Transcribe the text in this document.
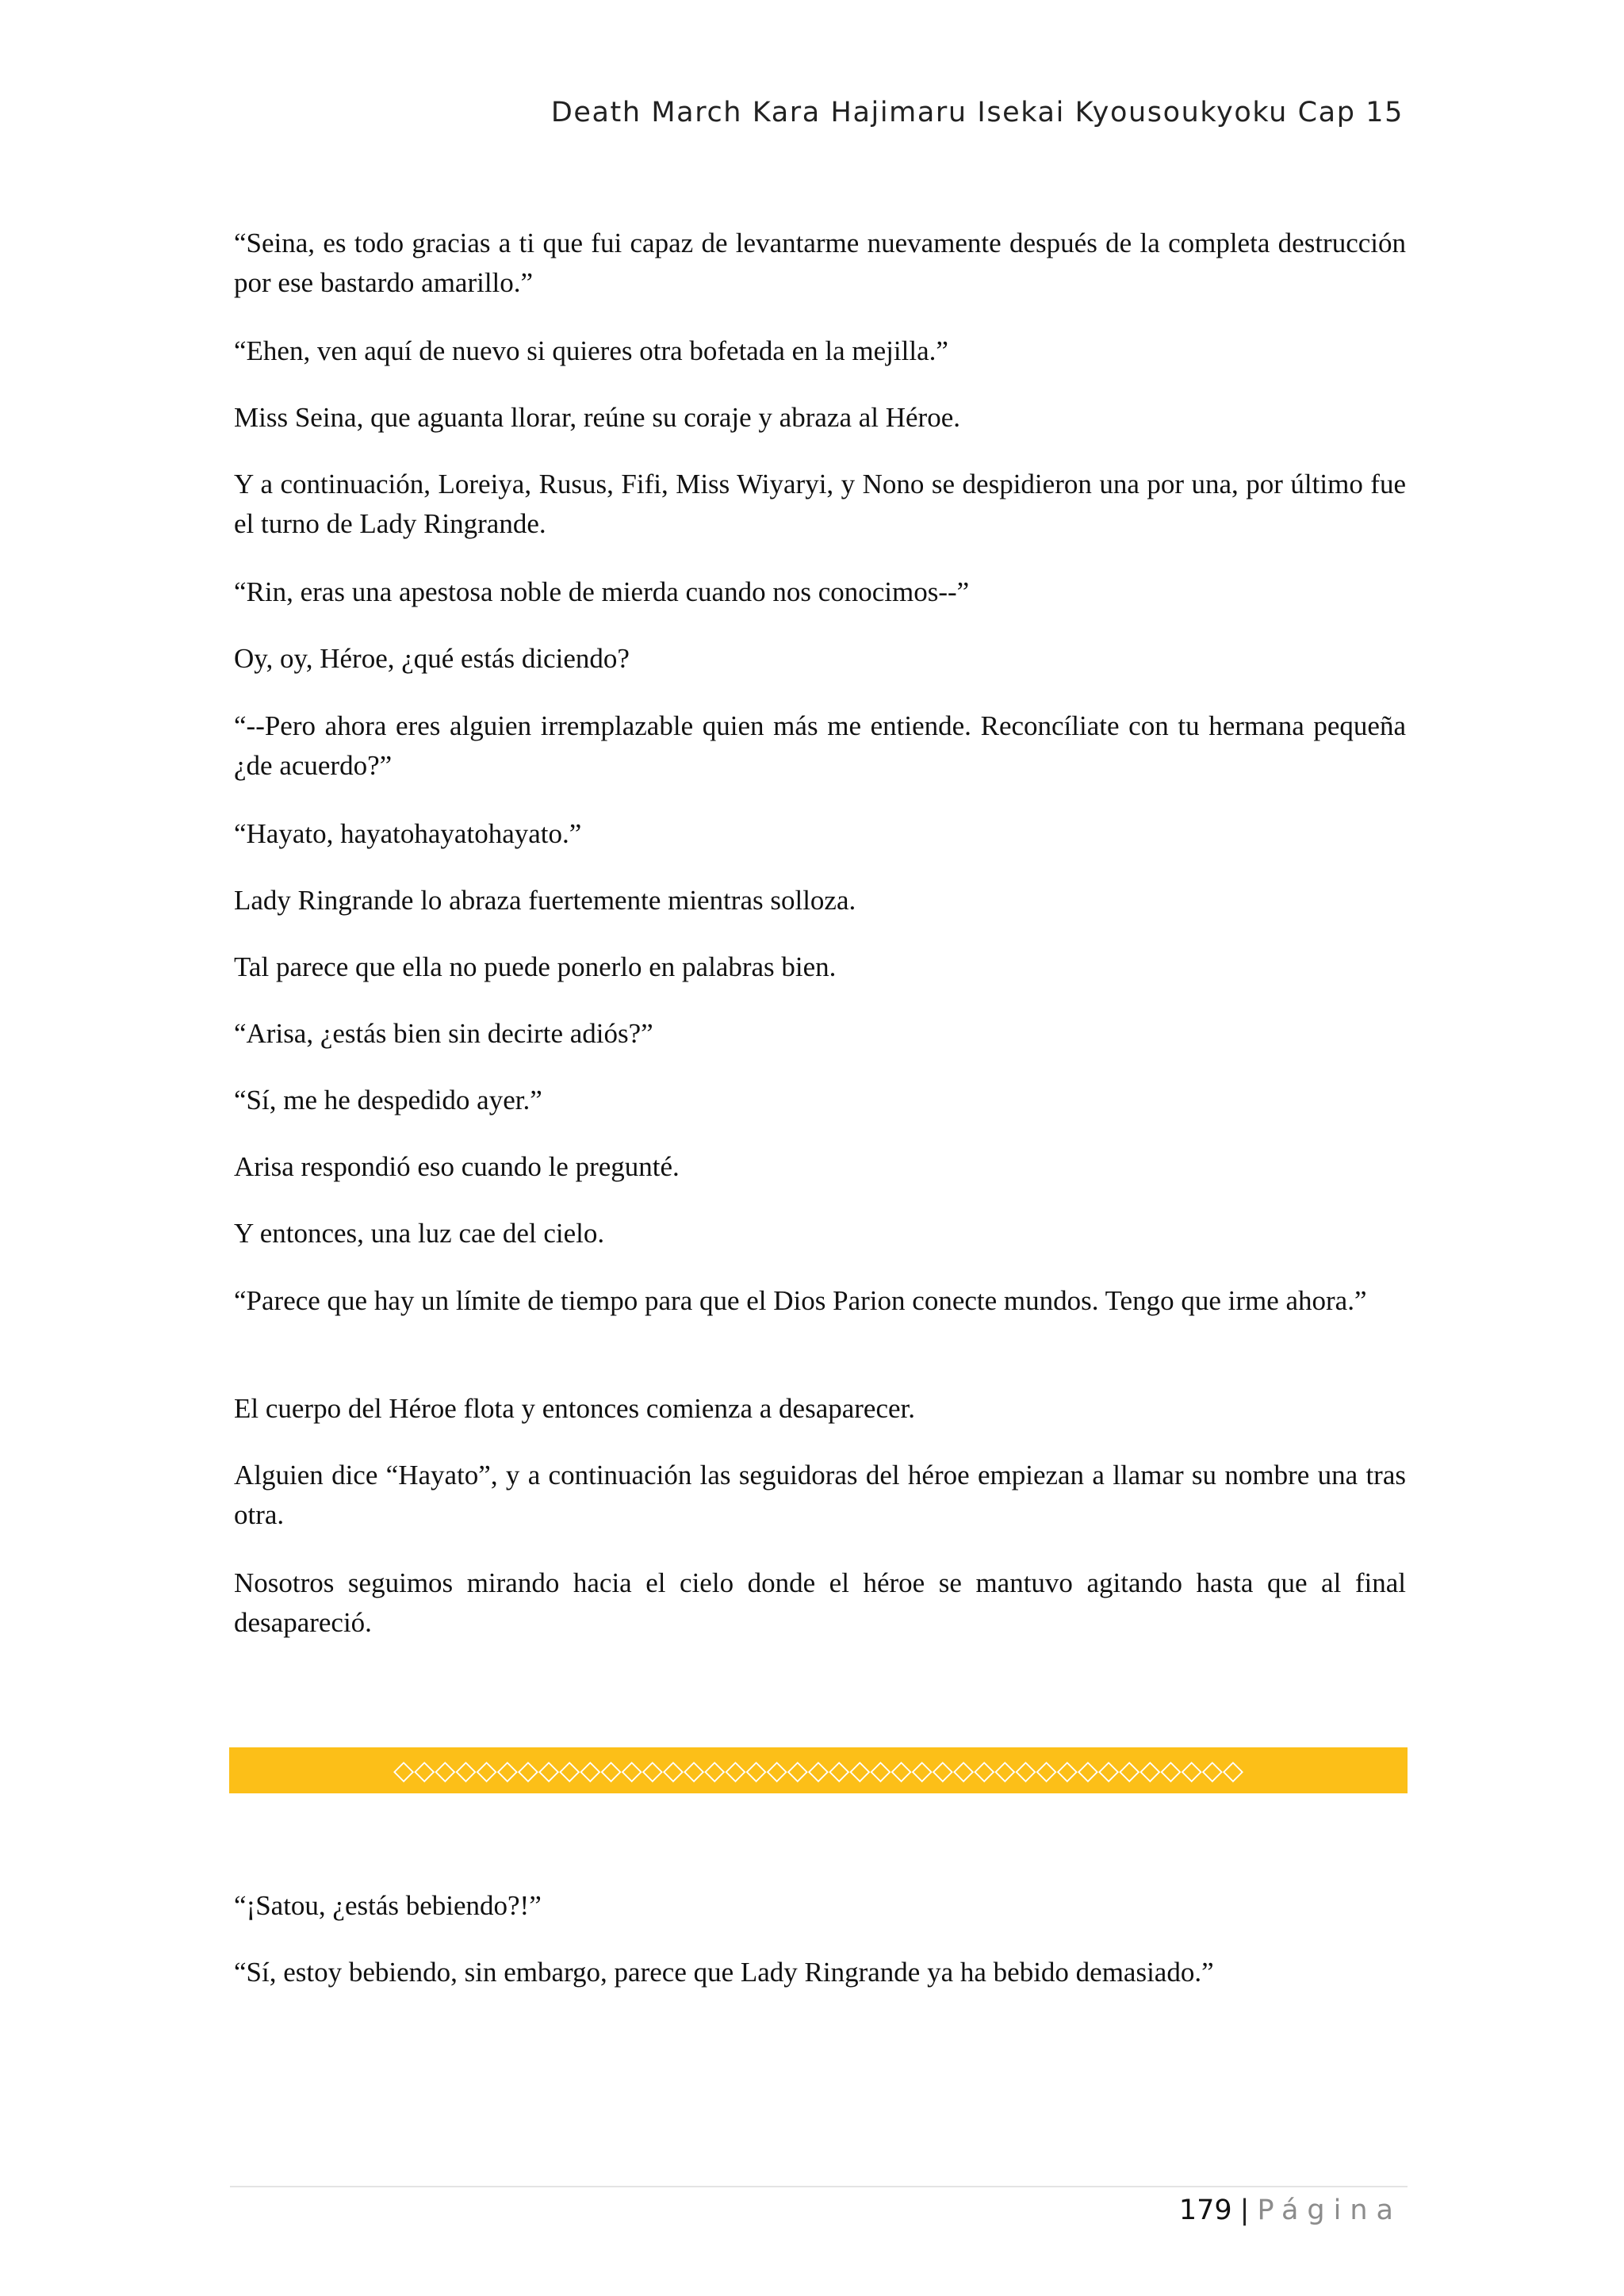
Death March Kara Hajimaru Isekai Kyousoukyoku Cap 15

“Seina, es todo gracias a ti que fui capaz de levantarme nuevamente después de la completa destrucción por ese bastardo amarillo.”

“Ehen, ven aquí de nuevo si quieres otra bofetada en la mejilla.”

Miss Seina, que aguanta llorar, reúne su coraje y abraza al Héroe.

Y a continuación, Loreiya, Rusus, Fifi, Miss Wiyaryi, y Nono se despidieron una por una, por último fue el turno de Lady Ringrande.

“Rin, eras una apestosa noble de mierda cuando nos conocimos--”

Oy, oy, Héroe, ¿qué estás diciendo?

“--Pero ahora eres alguien irremplazable quien más me entiende. Reconcíliate con tu hermana pequeña ¿de acuerdo?”

“Hayato, hayatohayatohayato.”

Lady Ringrande lo abraza fuertemente mientras solloza.

Tal parece que ella no puede ponerlo en palabras bien.

“Arisa, ¿estás bien sin decirte adiós?”

“Sí, me he despedido ayer.”

Arisa respondió eso cuando le pregunté.

Y entonces, una luz cae del cielo.

“Parece que hay un límite de tiempo para que el Dios Parion conecte mundos. Tengo que irme ahora.”

El cuerpo del Héroe flota y entonces comienza a desaparecer.

Alguien dice “Hayato”, y a continuación las seguidoras del héroe empiezan a llamar su nombre una tras otra.

Nosotros seguimos mirando hacia el cielo donde el héroe se mantuvo agitando hasta que al final desapareció.

“¡Satou, ¿estás bebiendo?!”

“Sí, estoy bebiendo, sin embargo, parece que Lady Ringrande ya ha bebido demasiado.”

◇◇◇◇◇◇◇◇◇◇◇◇◇◇◇◇◇◇◇◇◇◇◇◇◇◇◇◇◇◇◇◇◇◇◇◇◇◇◇◇◇
179 | Página
